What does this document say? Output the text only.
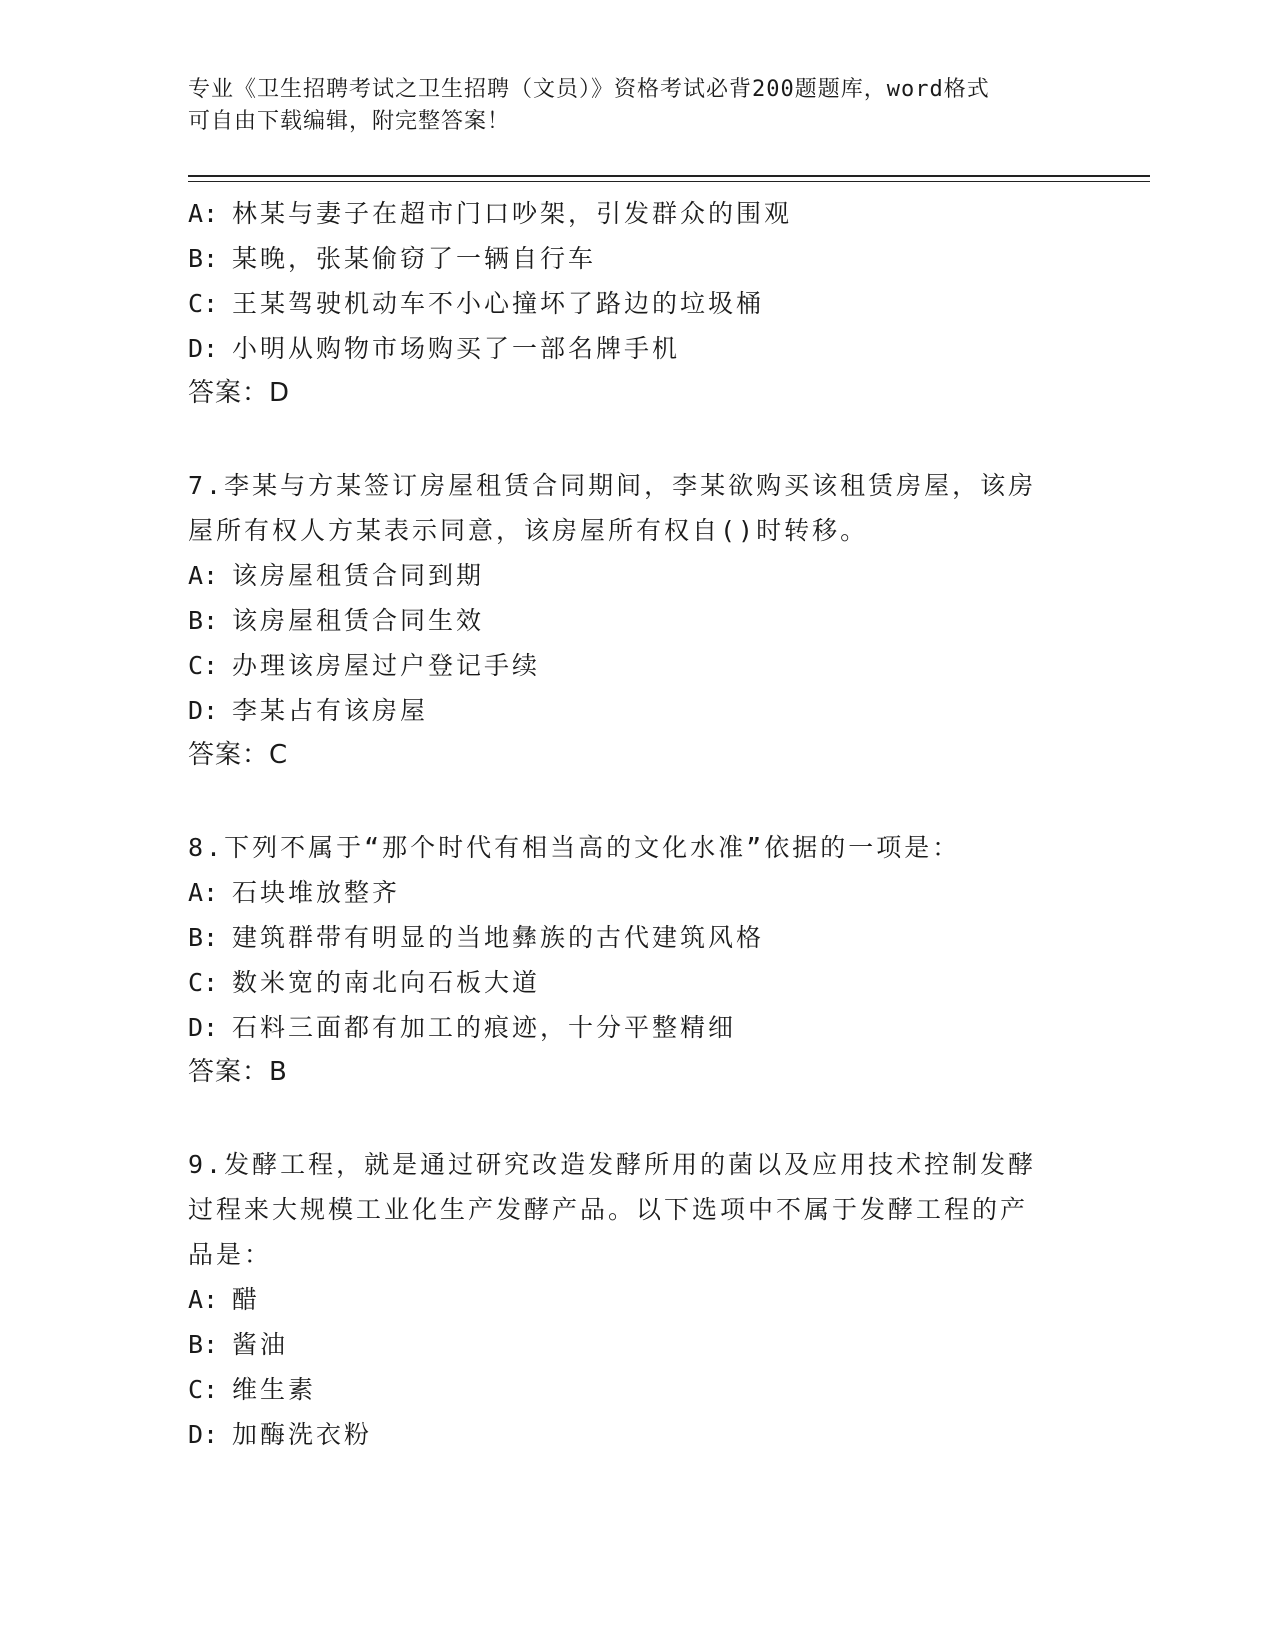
专业《卫生招聘考试之卫生招聘（文员）》资格考试必背200题题库，word格式
可自由下载编辑，附完整答案！
A: 林某与妻子在超市门口吵架，引发群众的围观
B: 某晚，张某偷窃了一辆自行车
C: 王某驾驶机动车不小心撞坏了路边的垃圾桶
D: 小明从购物市场购买了一部名牌手机
答案：D
7.李某与方某签订房屋租赁合同期间，李某欲购买该租赁房屋，该房
屋所有权人方某表示同意，该房屋所有权自()时转移。
A: 该房屋租赁合同到期
B: 该房屋租赁合同生效
C: 办理该房屋过户登记手续
D: 李某占有该房屋
答案：C
8.下列不属于“那个时代有相当高的文化水准”依据的一项是：
A: 石块堆放整齐
B: 建筑群带有明显的当地彝族的古代建筑风格
C: 数米宽的南北向石板大道
D: 石料三面都有加工的痕迹，十分平整精细
答案：B
9.发酵工程，就是通过研究改造发酵所用的菌以及应用技术控制发酵
过程来大规模工业化生产发酵产品。以下选项中不属于发酵工程的产
品是：
A: 醋
B: 酱油
C: 维生素
D: 加酶洗衣粉
